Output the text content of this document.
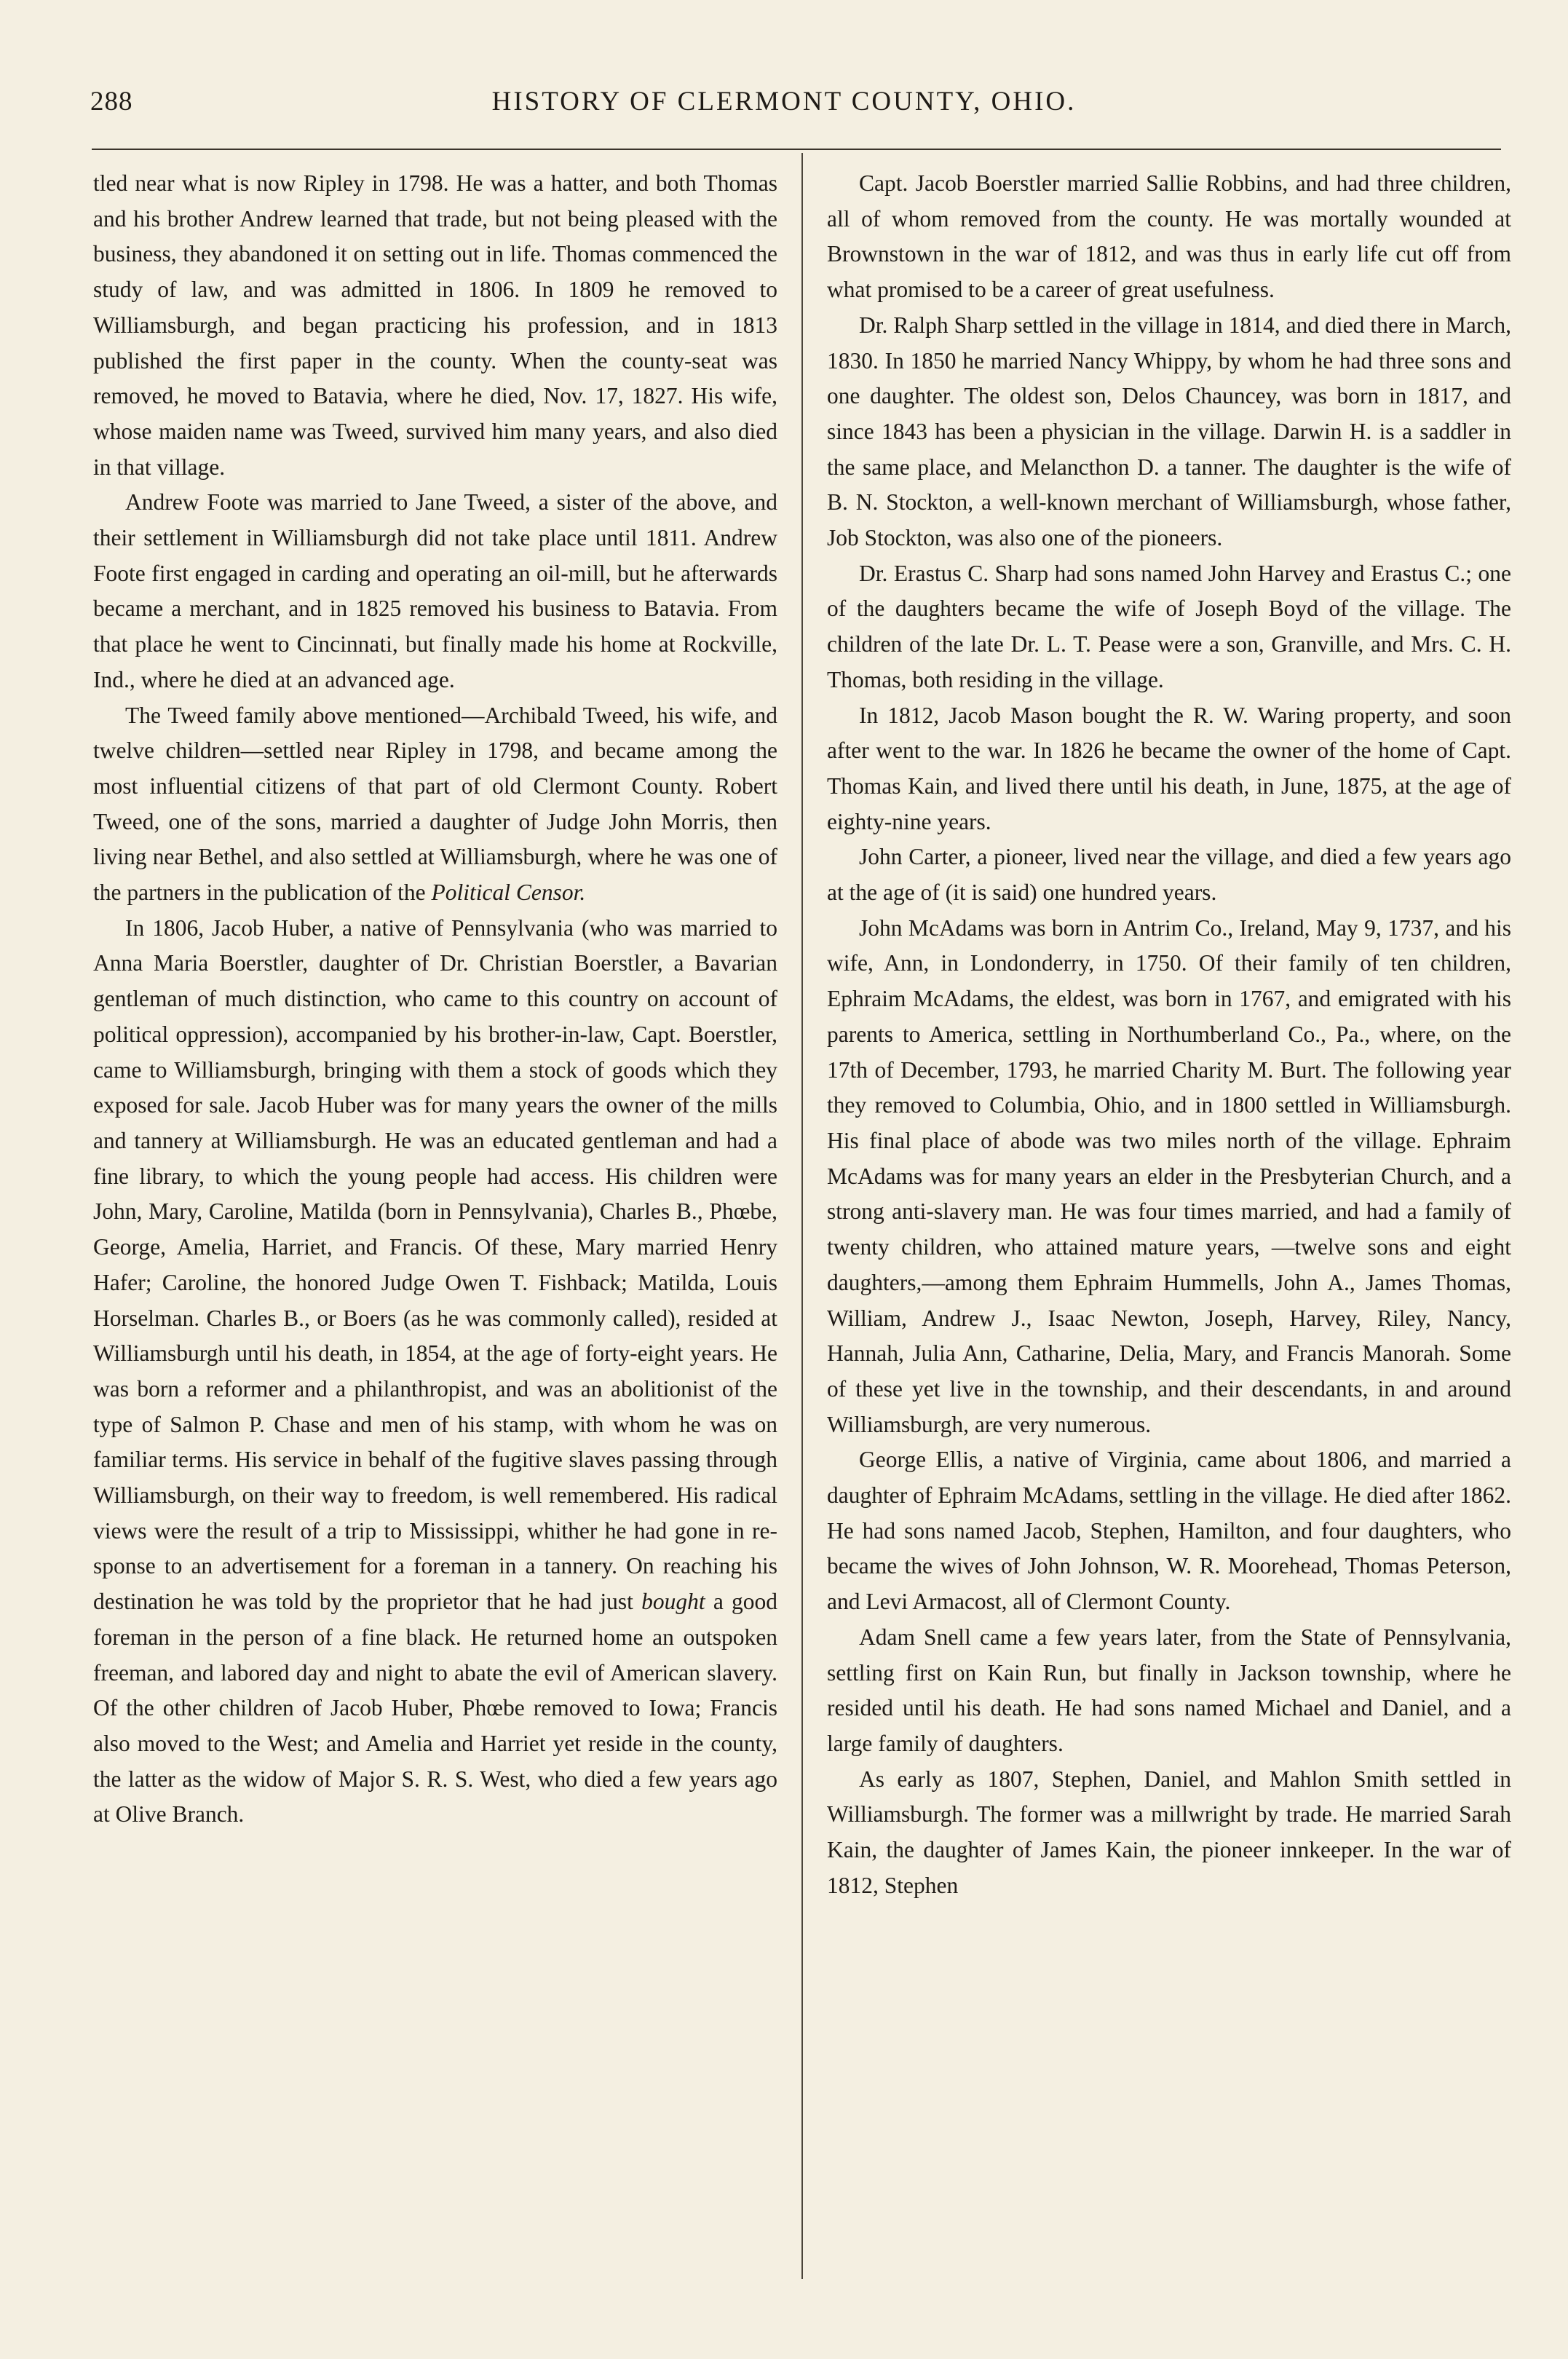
288	HISTORY OF CLERMONT COUNTY, OHIO.

tled near what is now Ripley in 1798. He was a hatter, and both Thomas and his brother Andrew learned that trade, but not being pleased with the business, they abandoned it on setting out in life. Thomas commenced the study of law, and was admitted in 1806. In 1809 he removed to Williamsburgh, and began practicing his profession, and in 1813 published the first paper in the county. When the county-seat was removed, he moved to Batavia, where he died, Nov. 17, 1827. His wife, whose maiden name was Tweed, survived him many years, and also died in that village.

Andrew Foote was married to Jane Tweed, a sister of the above, and their settlement in Williamsburgh did not take place until 1811. Andrew Foote first engaged in carding and operating an oil-mill, but he afterwards became a merchant, and in 1825 removed his business to Batavia. From that place he went to Cincinnati, but finally made his home at Rockville, Ind., where he died at an advanced age.

The Tweed family above mentioned—Archibald Tweed, his wife, and twelve children—settled near Ripley in 1798, and became among the most influential citizens of that part of old Clermont County. Robert Tweed, one of the sons, married a daughter of Judge John Morris, then living near Bethel, and also settled at Williamsburgh, where he was one of the partners in the publication of the Political Censor.

In 1806, Jacob Huber, a native of Pennsylvania (who was married to Anna Maria Boerstler, daughter of Dr. Christian Boerstler, a Bavarian gentleman of much distinction, who came to this country on account of political oppression), accompanied by his brother-in-law, Capt. Boerstler, came to Williamsburgh, bringing with them a stock of goods which they exposed for sale. Jacob Huber was for many years the owner of the mills and tannery at Williamsburgh. He was an educated gentleman and had a fine library, to which the young people had access. His children were John, Mary, Caroline, Matilda (born in Pennsylvania), Charles B., Phœbe, George, Amelia, Harriet, and Francis. Of these, Mary married Henry Hafer; Caroline, the honored Judge Owen T. Fishback; Matilda, Louis Horselman. Charles B., or Boers (as he was commonly called), resided at Williamsburgh until his death, in 1854, at the age of forty-eight years. He was born a reformer and a philanthropist, and was an abolitionist of the type of Salmon P. Chase and men of his stamp, with whom he was on familiar terms. His service in behalf of the fugitive slaves passing through Williamsburgh, on their way to freedom, is well remembered. His radical views were the result of a trip to Mississippi, whither he had gone in response to an advertisement for a foreman in a tannery. On reaching his destination he was told by the proprietor that he had just bought a good foreman in the person of a fine black. He returned home an outspoken freeman, and labored day and night to abate the evil of American slavery. Of the other children of Jacob Huber, Phœbe removed to Iowa; Francis also moved to the West; and Amelia and Harriet yet reside in the county, the latter as the widow of Major S. R. S. West, who died a few years ago at Olive Branch.

Capt. Jacob Boerstler married Sallie Robbins, and had three children, all of whom removed from the county. He was mortally wounded at Brownstown in the war of 1812, and was thus in early life cut off from what promised to be a career of great usefulness.

Dr. Ralph Sharp settled in the village in 1814, and died there in March, 1830. In 1850 he married Nancy Whippy, by whom he had three sons and one daughter. The oldest son, Delos Chauncey, was born in 1817, and since 1843 has been a physician in the village. Darwin H. is a saddler in the same place, and Melancthon D. a tanner. The daughter is the wife of B. N. Stockton, a well-known merchant of Williamsburgh, whose father, Job Stockton, was also one of the pioneers.

Dr. Erastus C. Sharp had sons named John Harvey and Erastus C.; one of the daughters became the wife of Joseph Boyd of the village. The children of the late Dr. L. T. Pease were a son, Granville, and Mrs. C. H. Thomas, both residing in the village.

In 1812, Jacob Mason bought the R. W. Waring property, and soon after went to the war. In 1826 he became the owner of the home of Capt. Thomas Kain, and lived there until his death, in June, 1875, at the age of eighty-nine years.

John Carter, a pioneer, lived near the village, and died a few years ago at the age of (it is said) one hundred years.

John McAdams was born in Antrim Co., Ireland, May 9, 1737, and his wife, Ann, in Londonderry, in 1750. Of their family of ten children, Ephraim McAdams, the eldest, was born in 1767, and emigrated with his parents to America, settling in Northumberland Co., Pa., where, on the 17th of December, 1793, he married Charity M. Burt. The following year they removed to Columbia, Ohio, and in 1800 settled in Williamsburgh. His final place of abode was two miles north of the village. Ephraim McAdams was for many years an elder in the Presbyterian Church, and a strong anti-slavery man. He was four times married, and had a family of twenty children, who attained mature years, —twelve sons and eight daughters,—among them Ephraim Hummells, John A., James Thomas, William, Andrew J., Isaac Newton, Joseph, Harvey, Riley, Nancy, Hannah, Julia Ann, Catharine, Delia, Mary, and Francis Manorah. Some of these yet live in the township, and their descendants, in and around Williamsburgh, are very numerous.

George Ellis, a native of Virginia, came about 1806, and married a daughter of Ephraim McAdams, settling in the village. He died after 1862. He had sons named Jacob, Stephen, Hamilton, and four daughters, who became the wives of John Johnson, W. R. Moorehead, Thomas Peterson, and Levi Armacost, all of Clermont County.

Adam Snell came a few years later, from the State of Pennsylvania, settling first on Kain Run, but finally in Jackson township, where he resided until his death. He had sons named Michael and Daniel, and a large family of daughters.

As early as 1807, Stephen, Daniel, and Mahlon Smith settled in Williamsburgh. The former was a millwright by trade. He married Sarah Kain, the daughter of James Kain, the pioneer innkeeper. In the war of 1812, Stephen
